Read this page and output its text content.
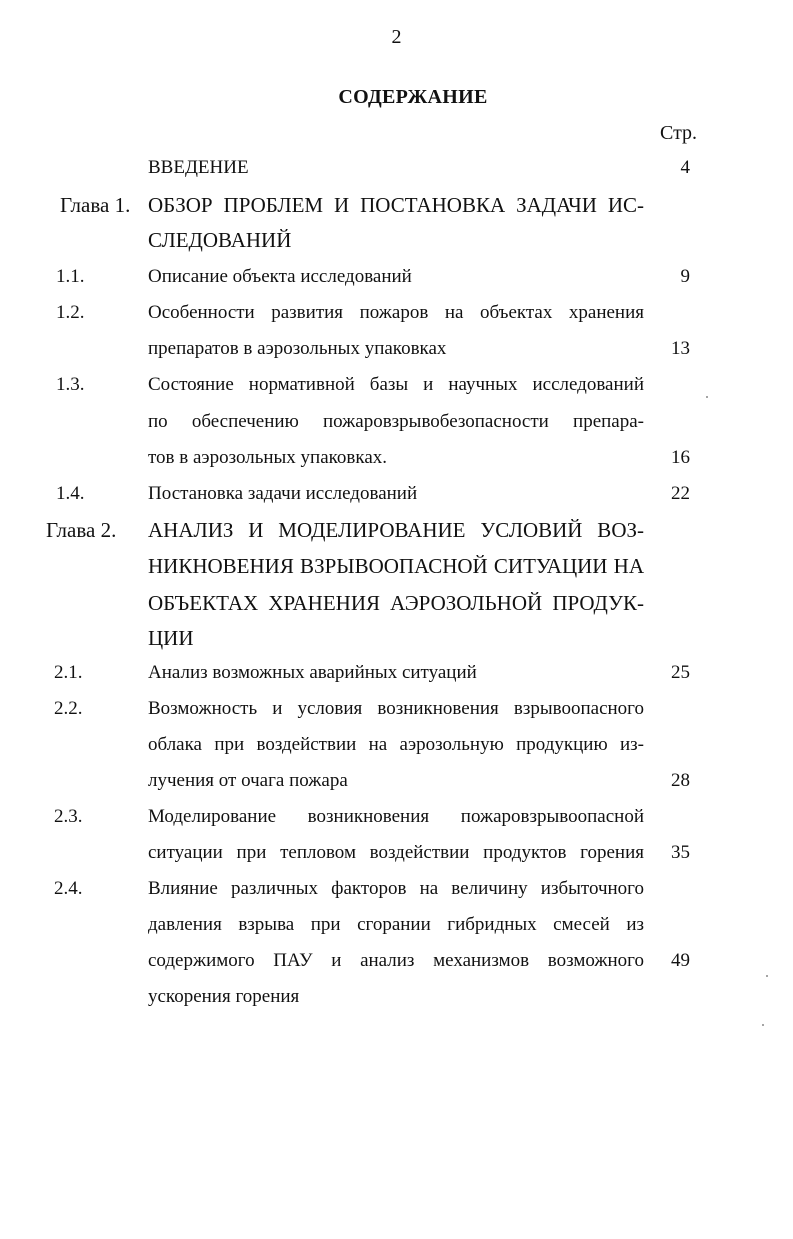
2
СОДЕРЖАНИЕ
Стр.
ВВЕДЕНИЕ	4
Глава 1. ОБЗОР ПРОБЛЕМ И ПОСТАНОВКА ЗАДАЧИ ИС-
СЛЕДОВАНИЙ
1.1.	Описание объекта исследований	9
1.2.	Особенности развития пожаров на объектах хранения
препаратов в аэрозольных упаковках	13
1.3.	Состояние нормативной базы и научных исследований
по обеспечению пожаровзрывобезопасности препара-
тов в аэрозольных упаковках.	16
1.4.	Постановка задачи исследований	22
Глава 2. АНАЛИЗ И МОДЕЛИРОВАНИЕ УСЛОВИЙ ВОЗ-
НИКНОВЕНИЯ ВЗРЫВООПАСНОЙ СИТУАЦИИ НА
ОБЪЕКТАХ ХРАНЕНИЯ АЭРОЗОЛЬНОЙ ПРОДУК-
ЦИИ
2.1.	Анализ возможных аварийных ситуаций	25
2.2.	Возможность и условия возникновения взрывоопасного
облака при воздействии на аэрозольную продукцию из-
лучения от очага пожара	28
2.3.	Моделирование возникновения пожаровзрывоопасной
ситуации при тепловом воздействии продуктов горения	35
2.4.	Влияние различных факторов на величину избыточного
давления взрыва при сгорании гибридных смесей из
содержимого ПАУ и анализ механизмов возможного	49
ускорения горения
